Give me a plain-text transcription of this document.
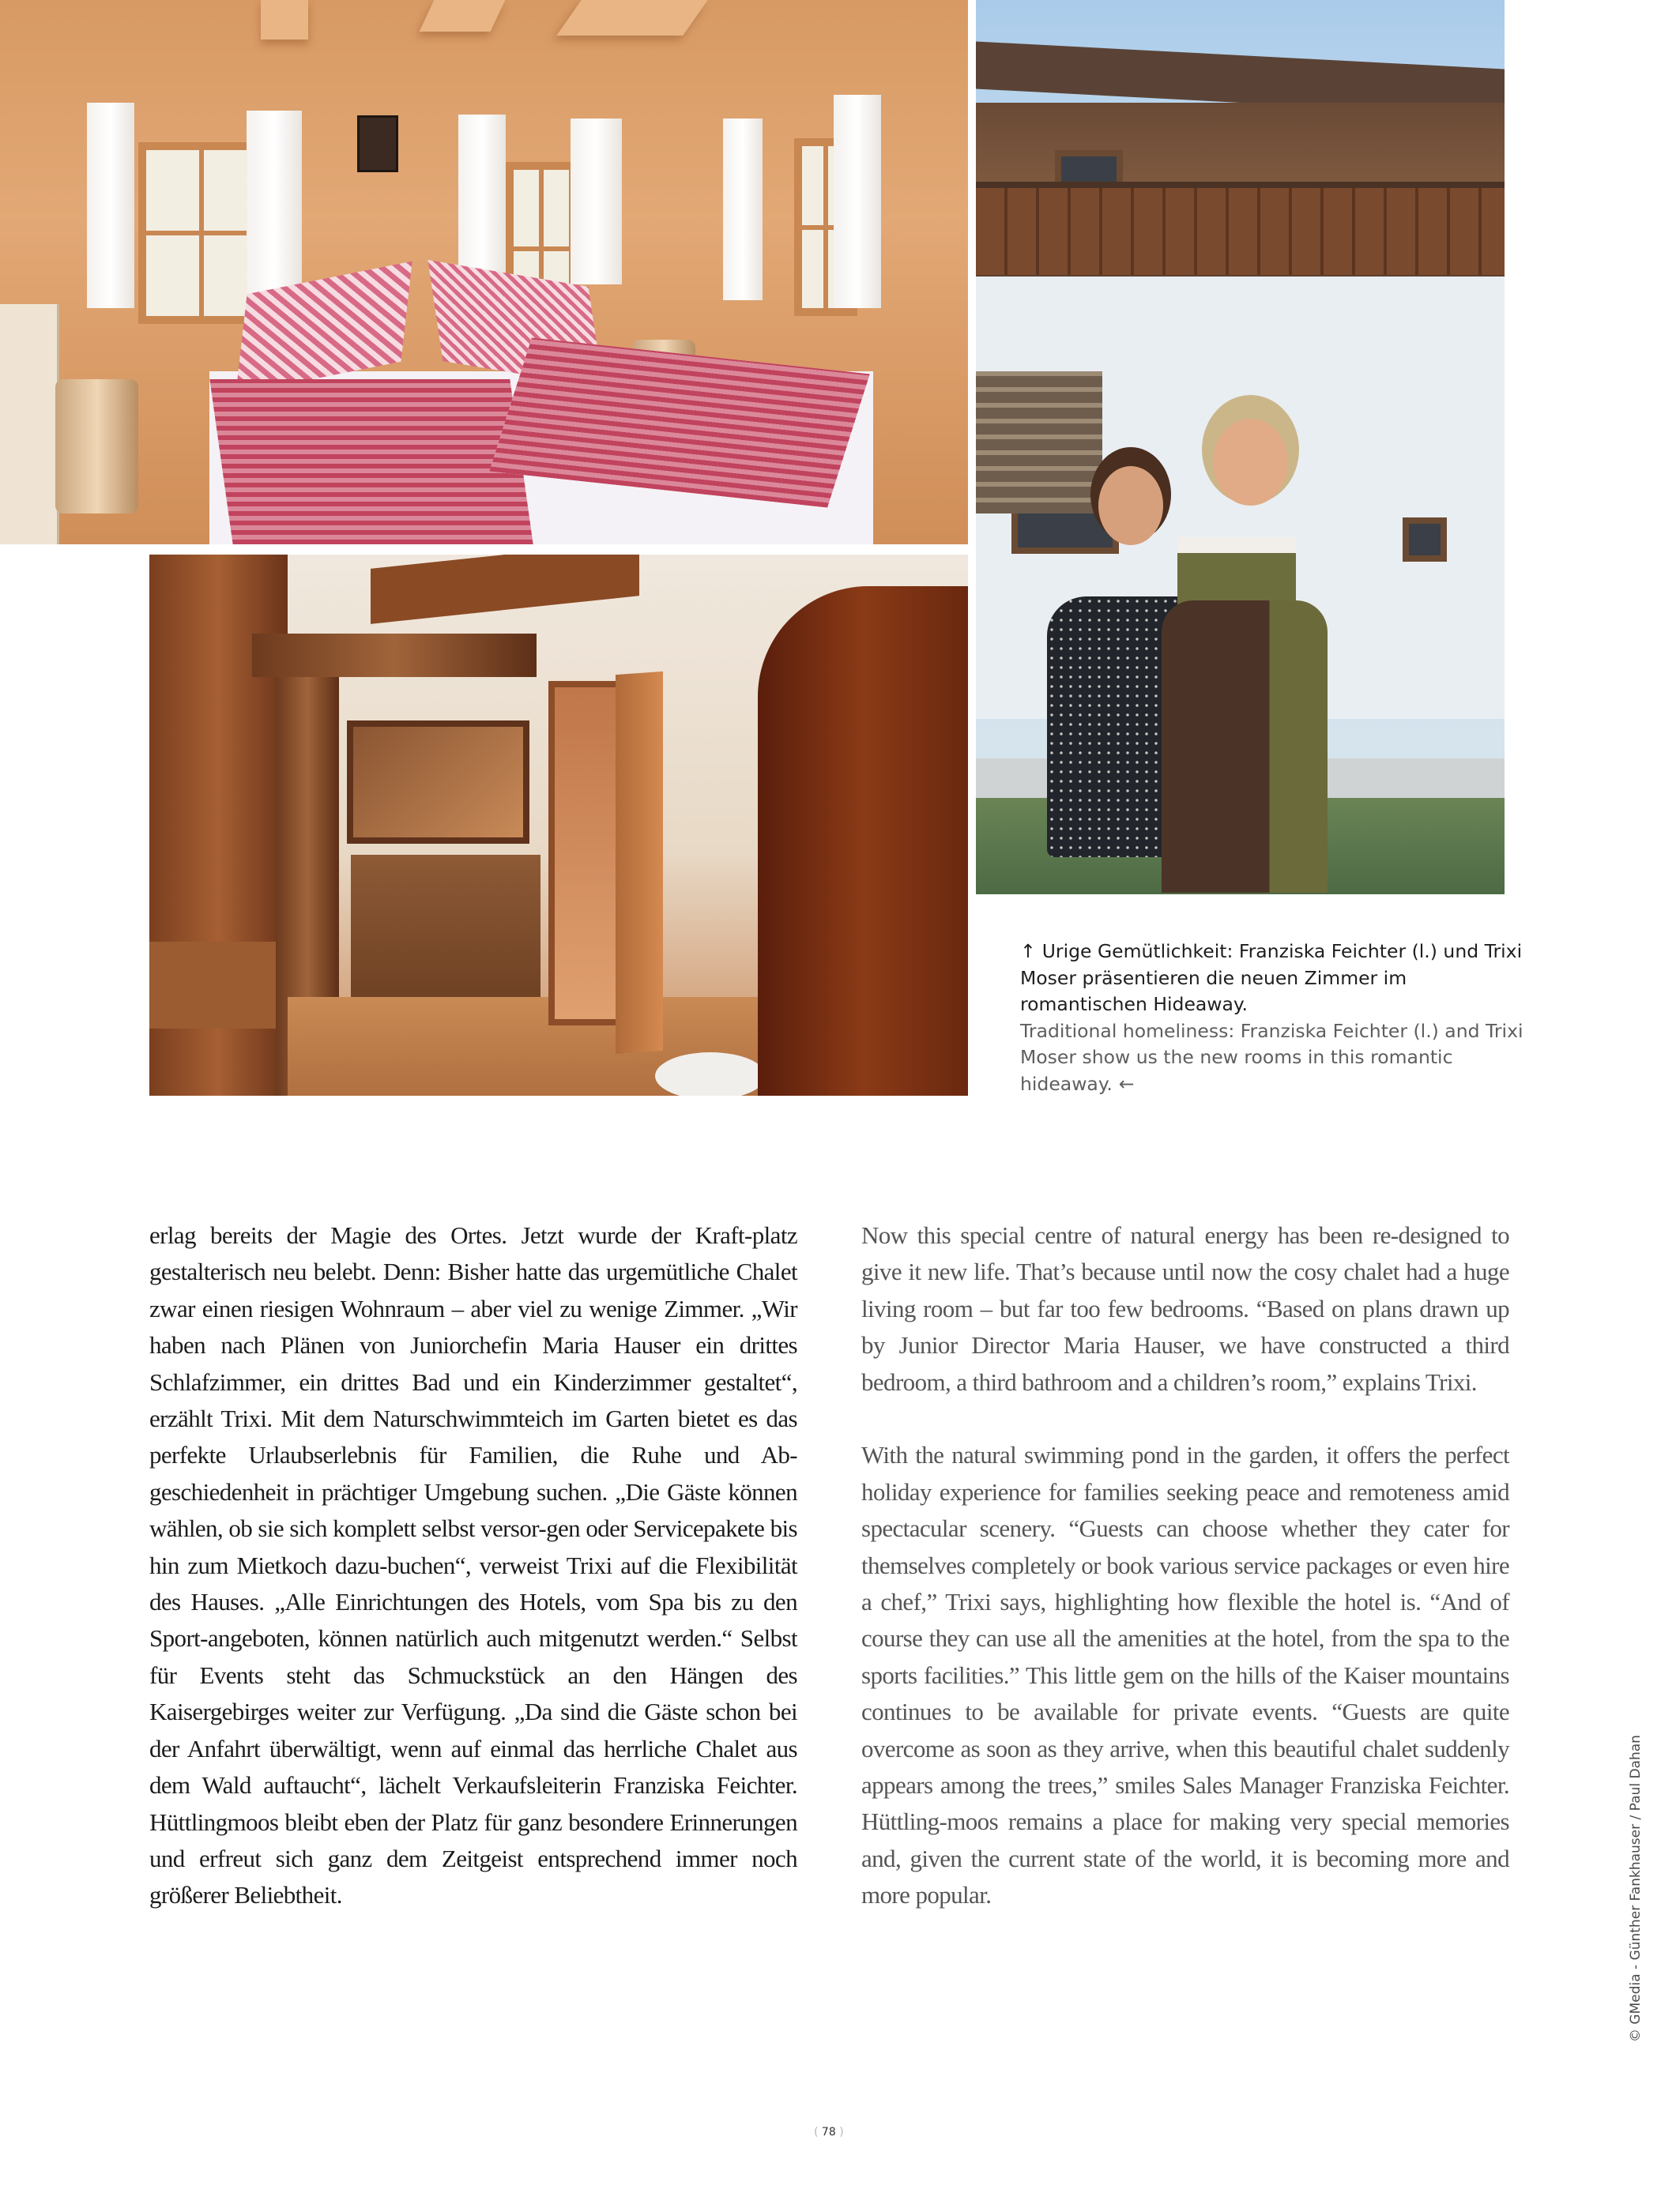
↑ Urige Gemütlichkeit: Franziska Feichter (l.) und Trixi Moser präsentieren die neuen Zimmer im romantischen Hideaway.
Traditional homeliness: Franziska Feichter (l.) and Trixi Moser show us the new rooms in this romantic hideaway. ←

erlag bereits der Magie des Ortes. Jetzt wurde der Kraft-platz gestalterisch neu belebt. Denn: Bisher hatte das urgemütliche Chalet zwar einen riesigen Wohnraum – aber viel zu wenige Zimmer. „Wir haben nach Plänen von Juniorchefin Maria Hauser ein drittes Schlafzimmer, ein drittes Bad und ein Kinderzimmer gestaltet“, erzählt Trixi. Mit dem Naturschwimmteich im Garten bietet es das perfekte Urlaubserlebnis für Familien, die Ruhe und Ab-geschiedenheit in prächtiger Umgebung suchen. „Die Gäste können wählen, ob sie sich komplett selbst versor-gen oder Servicepakete bis hin zum Mietkoch dazu-buchen“, verweist Trixi auf die Flexibilität des Hauses. „Alle Einrichtungen des Hotels, vom Spa bis zu den Sport-angeboten, können natürlich auch mitgenutzt werden.“ Selbst für Events steht das Schmuckstück an den Hängen des Kaisergebirges weiter zur Verfügung. „Da sind die Gäste schon bei der Anfahrt überwältigt, wenn auf einmal das herrliche Chalet aus dem Wald auftaucht“, lächelt Verkaufsleiterin Franziska Feichter. Hüttlingmoos bleibt eben der Platz für ganz besondere Erinnerungen und erfreut sich ganz dem Zeitgeist entsprechend immer noch größerer Beliebtheit.

Now this special centre of natural energy has been re-designed to give it new life. That’s because until now the cosy chalet had a huge living room – but far too few bedrooms. “Based on plans drawn up by Junior Director Maria Hauser, we have constructed a third bedroom, a third bathroom and a children’s room,” explains Trixi.

With the natural swimming pond in the garden, it offers the perfect holiday experience for families seeking peace and remoteness amid spectacular scenery. “Guests can choose whether they cater for themselves completely or book various service packages or even hire a chef,” Trixi says, highlighting how flexible the hotel is. “And of course they can use all the amenities at the hotel, from the spa to the sports facilities.” This little gem on the hills of the Kaiser mountains continues to be available for private events. “Guests are quite overcome as soon as they arrive, when this beautiful chalet suddenly appears among the trees,” smiles Sales Manager Franziska Feichter. Hüttling-moos remains a place for making very special memories and, given the current state of the world, it is becoming more and more popular.	© GMedia - Günther Fankhauser / Paul Dahan
( 78 )
